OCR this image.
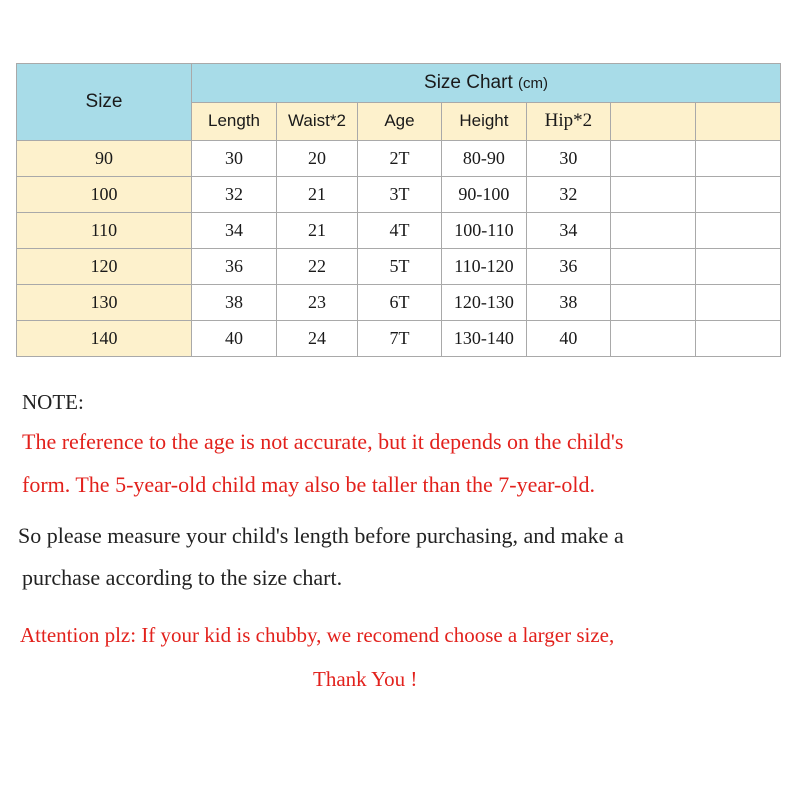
Size	Size Chart (cm)						
	Length	Waist*2	Age	Height	Hip*2		
90	30	20	2T	80-90	30		
100	32	21	3T	90-100	32		
110	34	21	4T	100-110	34		
120	36	22	5T	110-120	36		
130	38	23	6T	120-130	38		
140	40	24	7T	130-140	40		
NOTE:
The reference to the age is not accurate, but it depends on the child's
form. The 5-year-old child may also be taller than the 7-year-old.
So please measure your child's length before purchasing, and make a
purchase according to the size chart.
Attention plz: If your kid is chubby, we recomend choose a larger size,
Thank You !
